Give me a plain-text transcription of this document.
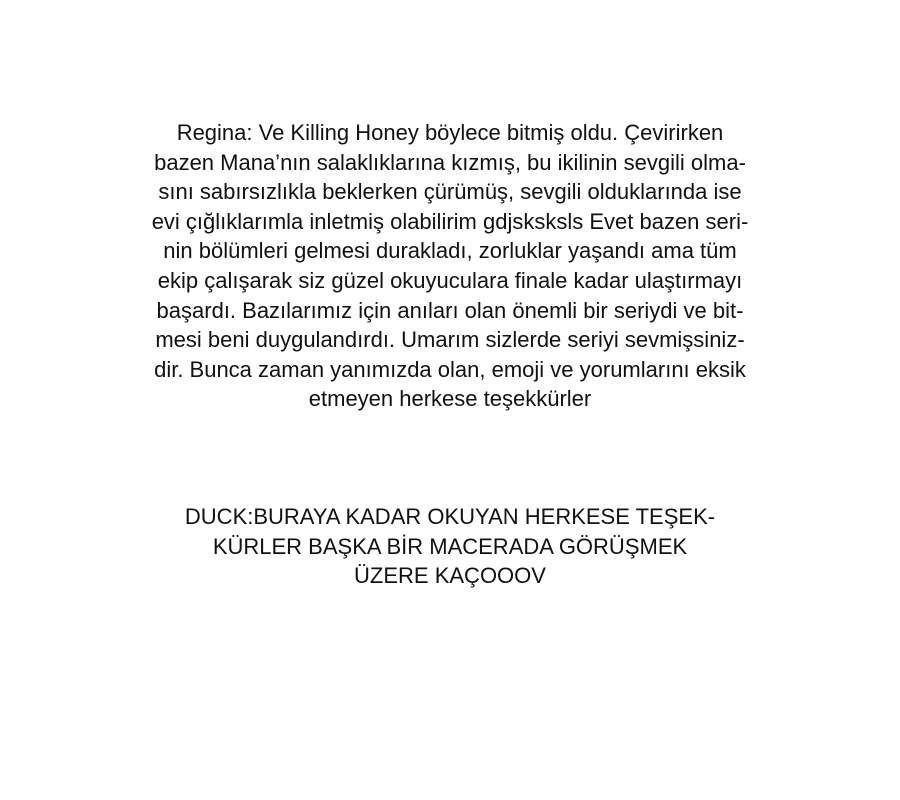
Regina: Ve Killing Honey böylece bitmiş oldu. Çevirirken
bazen Mana’nın salaklıklarına kızmış, bu ikilinin sevgili olma-
sını sabırsızlıkla beklerken çürümüş, sevgili olduklarında ise
evi çığlıklarımla inletmiş olabilirim gdjsksksls Evet bazen seri-
nin bölümleri gelmesi durakladı, zorluklar yaşandı ama tüm
ekip çalışarak siz güzel okuyuculara finale kadar ulaştırmayı
başardı. Bazılarımız için anıları olan önemli bir seriydi ve bit-
mesi beni duygulandırdı. Umarım sizlerde seriyi sevmişsiniz-
dir. Bunca zaman yanımızda olan, emoji ve yorumlarını eksik
etmeyen herkese teşekkürler
DUCK:BURAYA KADAR OKUYAN HERKESE TEŞEK-
KÜRLER BAŞKA BİR MACERADA GÖRÜŞMEK
ÜZERE KAÇOOOV
